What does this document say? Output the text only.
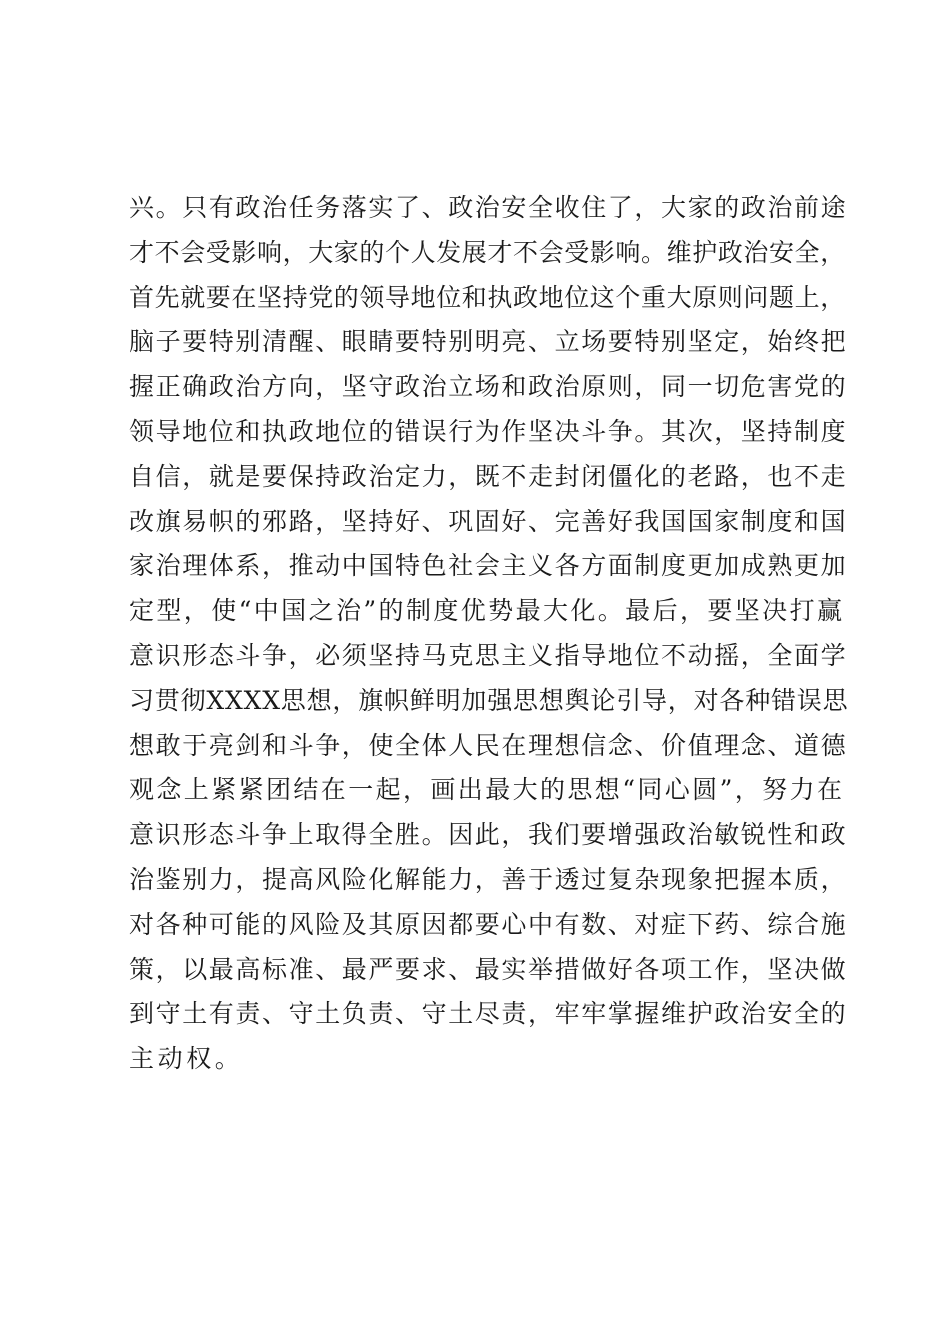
兴。只有政治任务落实了、政治安全收住了，大家的政治前途
才不会受影响，大家的个人发展才不会受影响。维护政治安全，
首先就要在坚持党的领导地位和执政地位这个重大原则问题上，
脑子要特别清醒、眼睛要特别明亮、立场要特别坚定，始终把
握正确政治方向，坚守政治立场和政治原则，同一切危害党的
领导地位和执政地位的错误行为作坚决斗争。其次，坚持制度
自信，就是要保持政治定力，既不走封闭僵化的老路，也不走
改旗易帜的邪路，坚持好、巩固好、完善好我国国家制度和国
家治理体系，推动中国特色社会主义各方面制度更加成熟更加
定型，使“中国之治”的制度优势最大化。最后，要坚决打赢
意识形态斗争，必须坚持马克思主义指导地位不动摇，全面学
习贯彻XXXX思想，旗帜鲜明加强思想舆论引导，对各种错误思
想敢于亮剑和斗争，使全体人民在理想信念、价值理念、道德
观念上紧紧团结在一起，画出最大的思想“同心圆”，努力在
意识形态斗争上取得全胜。因此，我们要增强政治敏锐性和政
治鉴别力，提高风险化解能力，善于透过复杂现象把握本质，
对各种可能的风险及其原因都要心中有数、对症下药、综合施
策，以最高标准、最严要求、最实举措做好各项工作，坚决做
到守土有责、守土负责、守土尽责，牢牢掌握维护政治安全的
主动权。
